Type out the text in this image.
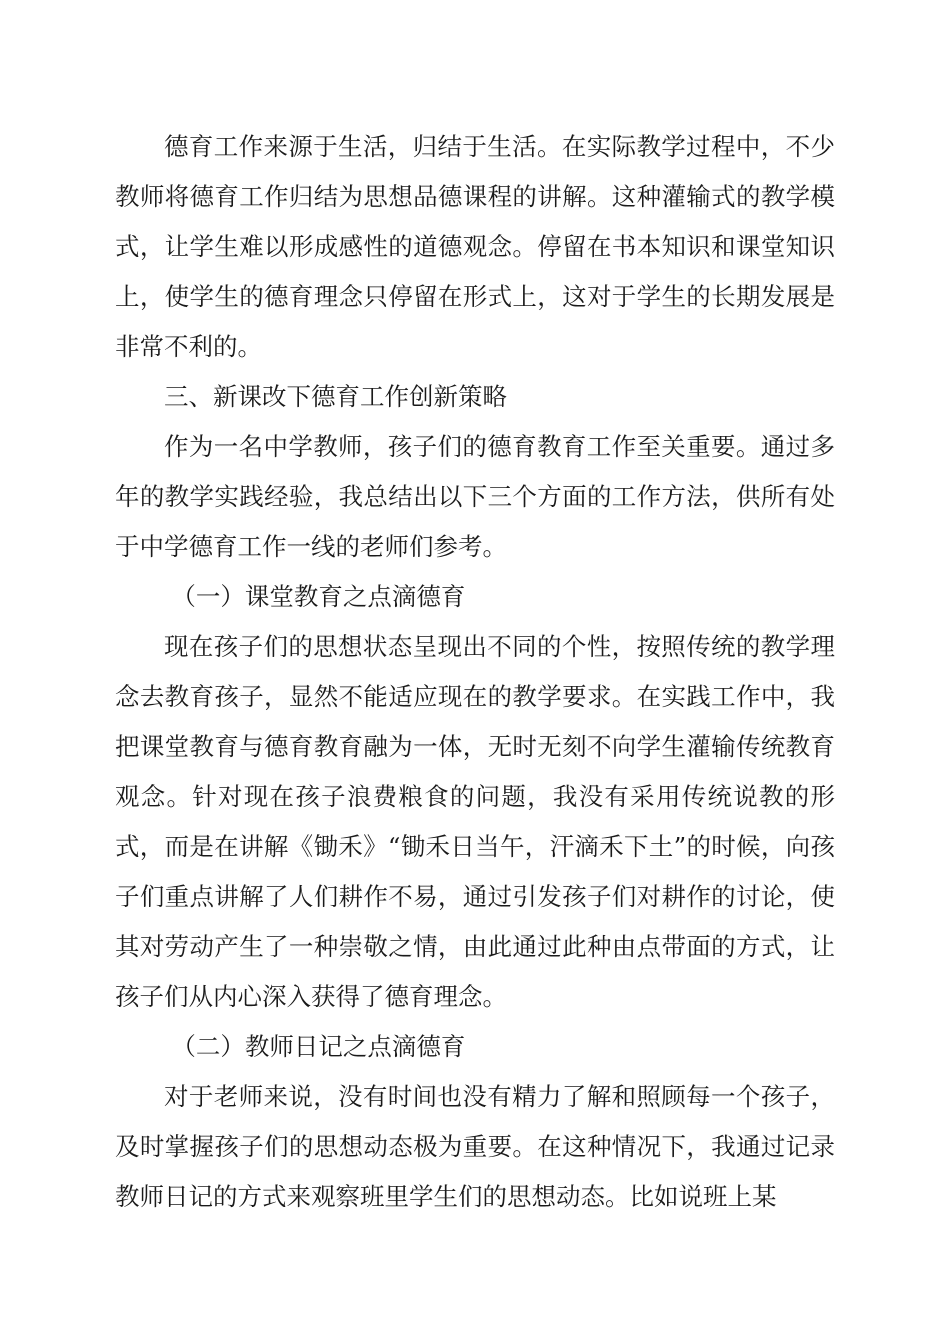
德育工作来源于生活，归结于生活。在实际教学过程中，不少教师将德育工作归结为思想品德课程的讲解。这种灌输式的教学模式，让学生难以形成感性的道德观念。停留在书本知识和课堂知识上，使学生的德育理念只停留在形式上，这对于学生的长期发展是非常不利的。

三、新课改下德育工作创新策略

作为一名中学教师，孩子们的德育教育工作至关重要。通过多年的教学实践经验，我总结出以下三个方面的工作方法，供所有处于中学德育工作一线的老师们参考。

（一）课堂教育之点滴德育

现在孩子们的思想状态呈现出不同的个性，按照传统的教学理念去教育孩子，显然不能适应现在的教学要求。在实践工作中，我把课堂教育与德育教育融为一体，无时无刻不向学生灌输传统教育观念。针对现在孩子浪费粮食的问题，我没有采用传统说教的形式，而是在讲解《锄禾》“锄禾日当午，汗滴禾下土”的时候，向孩子们重点讲解了人们耕作不易，通过引发孩子们对耕作的讨论，使其对劳动产生了一种崇敬之情，由此通过此种由点带面的方式，让孩子们从内心深入获得了德育理念。

（二）教师日记之点滴德育

对于老师来说，没有时间也没有精力了解和照顾每一个孩子，及时掌握孩子们的思想动态极为重要。在这种情况下，我通过记录教师日记的方式来观察班里学生们的思想动态。比如说班上某
